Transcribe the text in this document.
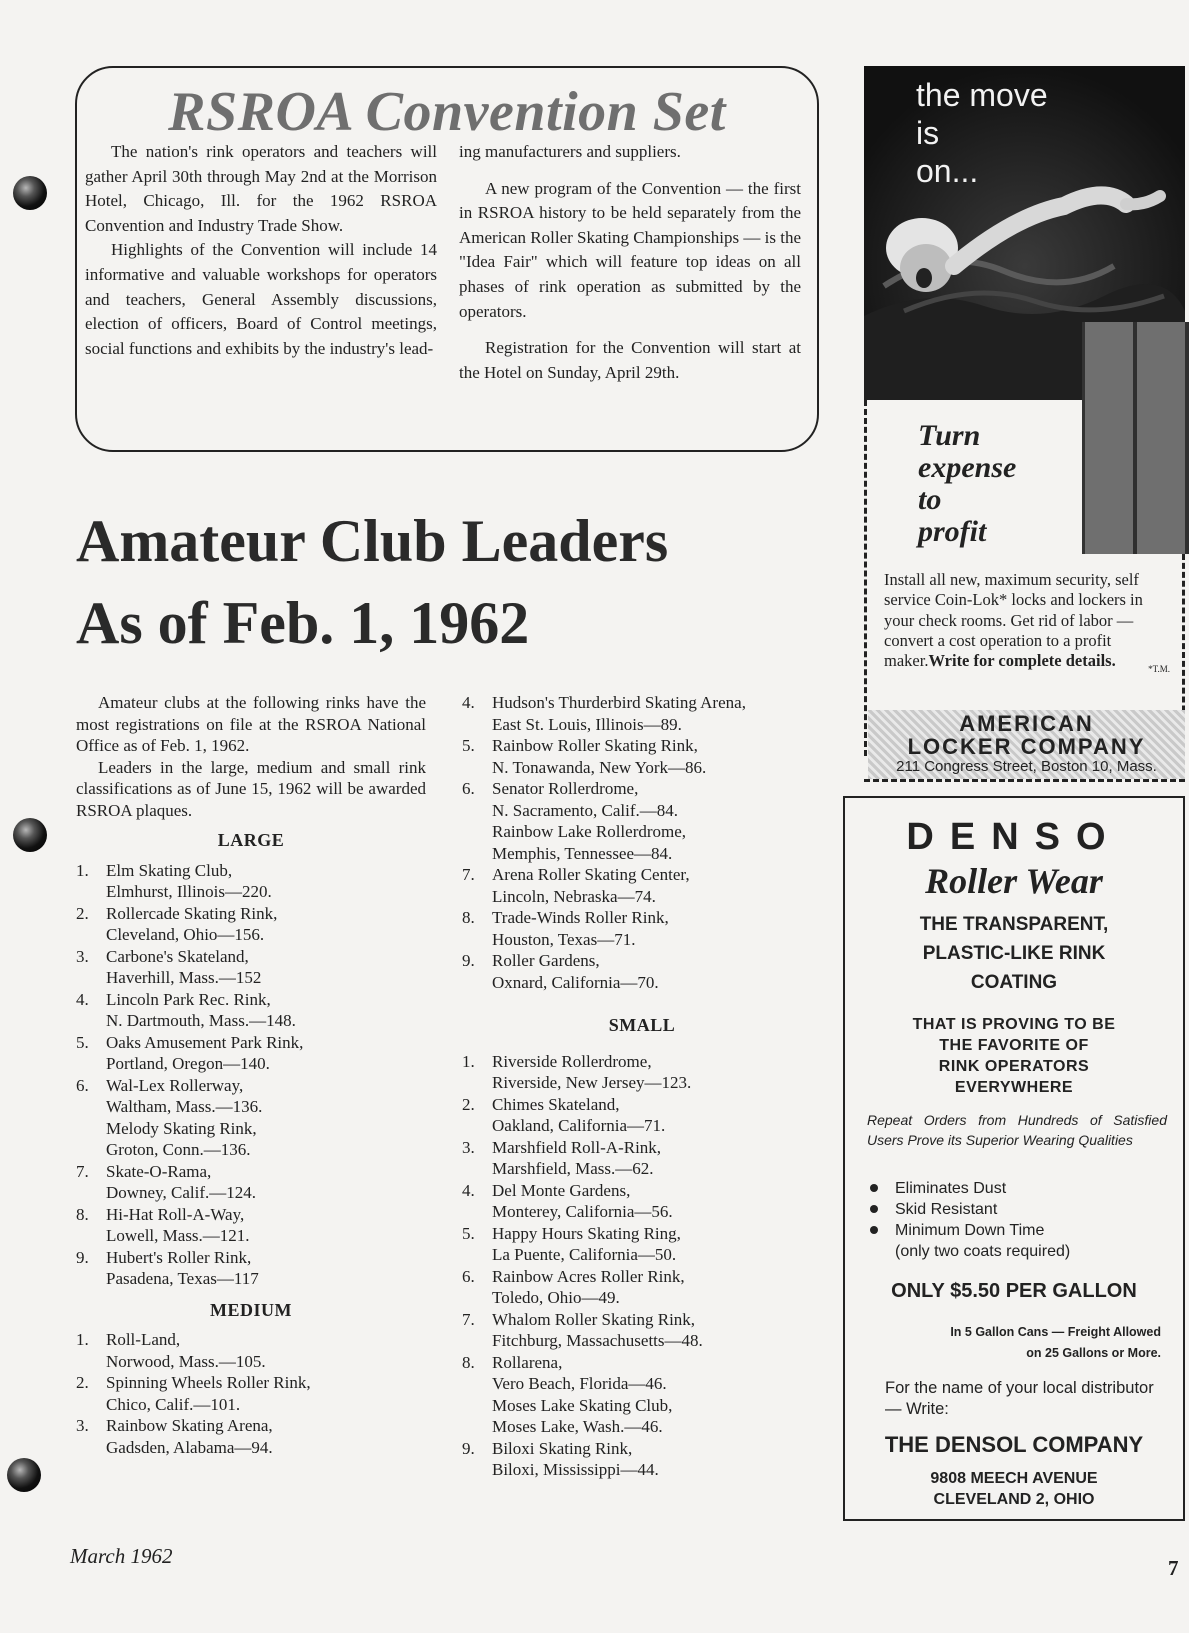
RSROA Convention Set

The nation's rink operators and teachers will gather April 30th through May 2nd at the Morrison Hotel, Chicago, Ill. for the 1962 RSROA Convention and Industry Trade Show.

Highlights of the Convention will include 14 informative and valuable workshops for operators and teachers, General Assembly discussions, election of officers, Board of Control meetings, social functions and exhibits by the industry's lead-

ing manufacturers and suppliers.

A new program of the Convention — the first in RSROA history to be held separately from the American Roller Skating Championships — is the "Idea Fair" which will feature top ideas on all phases of rink operation as submitted by the operators.

Registration for the Convention will start at the Hotel on Sunday, April 29th.

Amateur Club Leaders
As of Feb. 1, 1962

Amateur clubs at the following rinks have the most registrations on file at the RSROA National Office as of Feb. 1, 1962.

Leaders in the large, medium and small rink classifications as of June 15, 1962 will be awarded RSROA plaques.

LARGE
1. Elm Skating Club,
Elmhurst, Illinois—220.
2. Rollercade Skating Rink,
Cleveland, Ohio—156.
3. Carbone's Skateland,
Haverhill, Mass.—152
4. Lincoln Park Rec. Rink,
N. Dartmouth, Mass.—148.
5. Oaks Amusement Park Rink,
Portland, Oregon—140.
6. Wal-Lex Rollerway,
Waltham, Mass.—136.
Melody Skating Rink,
Groton, Conn.—136.
7. Skate-O-Rama,
Downey, Calif.—124.
8. Hi-Hat Roll-A-Way,
Lowell, Mass.—121.
9. Hubert's Roller Rink,
Pasadena, Texas—117
MEDIUM
1. Roll-Land,
Norwood, Mass.—105.
2. Spinning Wheels Roller Rink,
Chico, Calif.—101.
3. Rainbow Skating Arena,
Gadsden, Alabama—94.
4. Hudson's Thurderbird Skating Arena,
East St. Louis, Illinois—89.
5. Rainbow Roller Skating Rink,
N. Tonawanda, New York—86.
6. Senator Rollerdrome,
N. Sacramento, Calif.—84.
Rainbow Lake Rollerdrome,
Memphis, Tennessee—84.
7. Arena Roller Skating Center,
Lincoln, Nebraska—74.
8. Trade-Winds Roller Rink,
Houston, Texas—71.
9. Roller Gardens,
Oxnard, California—70.
SMALL
1. Riverside Rollerdrome,
Riverside, New Jersey—123.
2. Chimes Skateland,
Oakland, California—71.
3. Marshfield Roll-A-Rink,
Marshfield, Mass.—62.
4. Del Monte Gardens,
Monterey, California—56.
5. Happy Hours Skating Ring,
La Puente, California—50.
6. Rainbow Acres Roller Rink,
Toledo, Ohio—49.
7. Whalom Roller Skating Rink,
Fitchburg, Massachusetts—48.
8. Rollarena,
Vero Beach, Florida—46.
Moses Lake Skating Club,
Moses Lake, Wash.—46.
9. Biloxi Skating Rink,
Biloxi, Mississippi—44.
March 1962	7
the move
is
on...
Turn
expense
to
profit
Install all new, maximum security, self service Coin-Lok* locks and lockers in your check rooms. Get rid of labor — convert a cost operation to a profit maker.Write for complete details.	*T.M.
AMERICAN
LOCKER COMPANY
211 Congress Street, Boston 10, Mass.
DENSO
Roller Wear
THE TRANSPARENT,
PLASTIC-LIKE RINK
COATING
THAT IS PROVING TO BE
THE FAVORITE OF
RINK OPERATORS
EVERYWHERE
Repeat Orders from Hundreds of Satisfied Users Prove its Superior Wearing Qualities
Eliminates Dust
Skid Resistant
Minimum Down Time
(only two coats required)
ONLY $5.50 PER GALLON
In 5 Gallon Cans — Freight Allowed
on 25 Gallons or More.
For the name of your local distributor — Write:
THE DENSOL COMPANY
9808 MEECH AVENUE
CLEVELAND 2, OHIO
